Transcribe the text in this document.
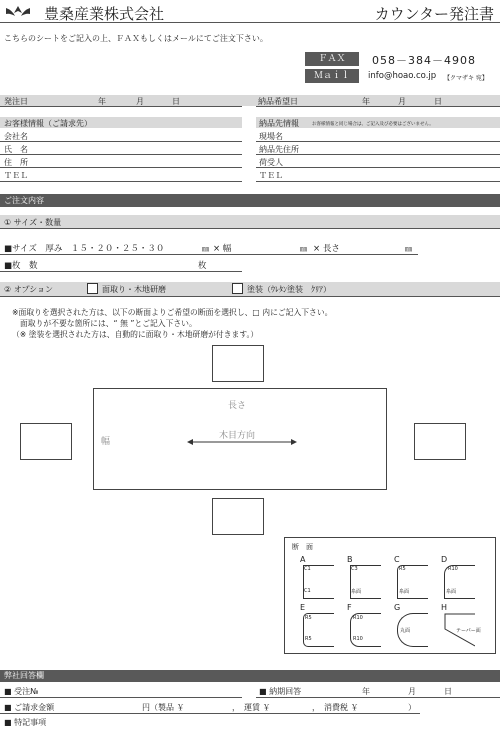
豊桑産業株式会社	カウンター発注書
こちらのシートをご記入の上、ＦＡＸもしくはメールにてご注文下さい。
ＦＡＸ	058－384－4908
Ｍａｉｌ	info@hoao.co.jp 【クマザキ 宛】
発注日	年	月	日	納品希望日	年	月	日
お客様情報（ご請求先）
会社名
氏　名
住　所
ＴＥＬ
納品先情報	お客様情報と同じ場合は、ご記入及び必要はございません。
現場名
納品先住所
荷受人
ＴＥＬ
ご注文内容
① サイズ・数量
■サイズ　厚み　１５・２０・２５・３０	㎜ × 幅	㎜ × 長さ	㎜
■枚　数	枚
② オプション	面取り・木地研磨	塗装（ｳﾚﾀﾝ塗装　ｸﾘｱ）
※面取りを選択された方は、以下の断面よりご希望の断面を選択し、□ 内にご記入下さい。
面取りが不要な箇所には、“ 無 ”とご記入下さい。
（※ 塗装を選択された方は、自動的に面取り・木地研磨が付きます。）
長さ
幅
木目方向
断　面
A
C1
C1
B
C3
糸面
C
R5
糸面
D
R10
糸面
E
R5
R5
F
R10
R10
G
丸面
H
テーパー面
弊社回答欄
■ 受注№	■ 納期回答	年	月	日
■ ご請求金額	円（製品 ￥	，　運賃 ￥	，　消費税 ￥	）
■ 特記事項
